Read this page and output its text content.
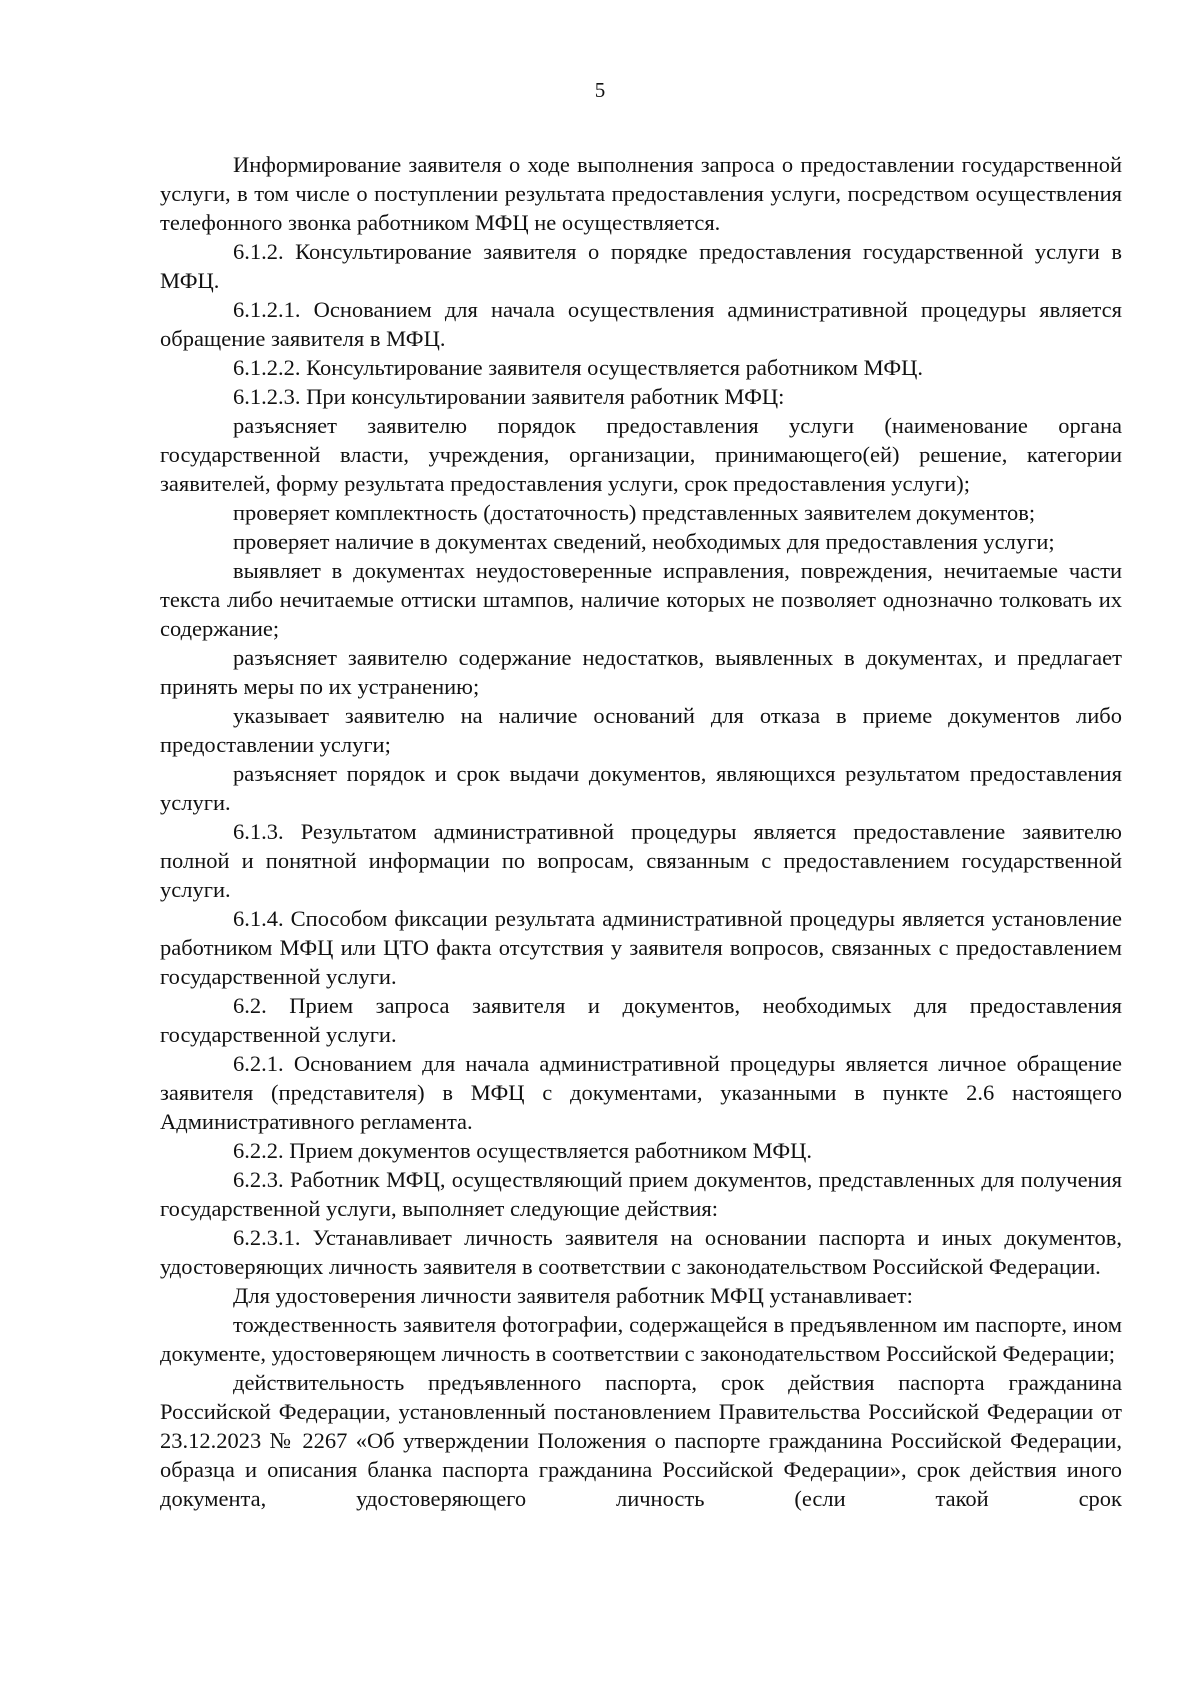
5

Информирование заявителя о ходе выполнения запроса о предоставлении государственной услуги, в том числе о поступлении результата предоставления услуги, посредством осуществления телефонного звонка работником МФЦ не осуществляется.

6.1.2. Консультирование заявителя о порядке предоставления государственной услуги в МФЦ.

6.1.2.1. Основанием для начала осуществления административной процедуры является обращение заявителя в МФЦ.

6.1.2.2. Консультирование заявителя осуществляется работником МФЦ.

6.1.2.3. При консультировании заявителя работник МФЦ:

разъясняет заявителю порядок предоставления услуги (наименование органа государственной власти, учреждения, организации, принимающего(ей) решение, категории заявителей, форму результата предоставления услуги, срок предоставления услуги);

проверяет комплектность (достаточность) представленных заявителем документов;

проверяет наличие в документах сведений, необходимых для предоставления услуги;

выявляет в документах неудостоверенные исправления, повреждения, нечитаемые части текста либо нечитаемые оттиски штампов, наличие которых не позволяет однозначно толковать их содержание;

разъясняет заявителю содержание недостатков, выявленных в документах, и предлагает принять меры по их устранению;

указывает заявителю на наличие оснований для отказа в приеме документов либо предоставлении услуги;

разъясняет порядок и срок выдачи документов, являющихся результатом предоставления услуги.

6.1.3. Результатом административной процедуры является предоставление заявителю полной и понятной информации по вопросам, связанным с предоставлением государственной услуги.

6.1.4. Способом фиксации результата административной процедуры является установление работником МФЦ или ЦТО факта отсутствия у заявителя вопросов, связанных с предоставлением государственной услуги.

6.2. Прием запроса заявителя и документов, необходимых для предоставления государственной услуги.

6.2.1. Основанием для начала административной процедуры является личное обращение заявителя (представителя) в МФЦ с документами, указанными в пункте 2.6 настоящего Административного регламента.

6.2.2. Прием документов осуществляется работником МФЦ.

6.2.3. Работник МФЦ, осуществляющий прием документов, представленных для получения государственной услуги, выполняет следующие действия:

6.2.3.1. Устанавливает личность заявителя на основании паспорта и иных документов, удостоверяющих личность заявителя в соответствии с законодательством Российской Федерации.

Для удостоверения личности заявителя работник МФЦ устанавливает:

тождественность заявителя фотографии, содержащейся в предъявленном им паспорте, ином документе, удостоверяющем личность в соответствии с законодательством Российской Федерации;

действительность предъявленного паспорта, срок действия паспорта гражданина Российской Федерации, установленный постановлением Правительства Российской Федерации от 23.12.2023 № 2267 «Об утверждении Положения о паспорте гражданина Российской Федерации, образца и описания бланка паспорта гражданина Российской Федерации», срок действия иного документа, удостоверяющего личность (если такой срок
